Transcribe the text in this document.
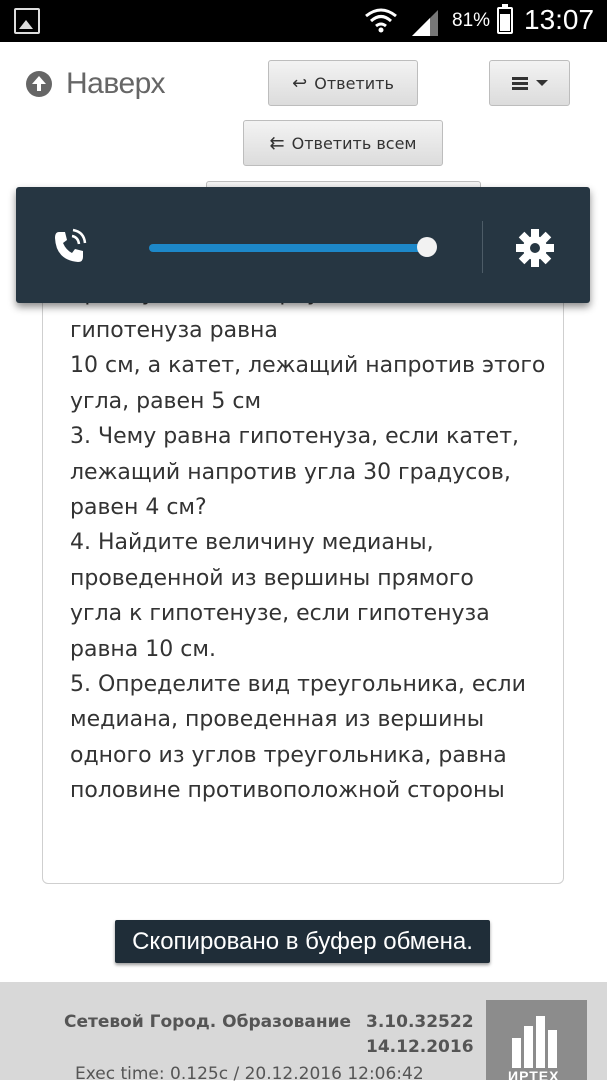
81% 13:07
Наверх	↩ Ответить
⇇ Ответить всем
гипотенуза равна
10 см, а катет, лежащий напротив этого
угла, равен 5 см
3. Чему равна гипотенуза, если катет,
лежащий напротив угла 30 градусов,
равен 4 см?
4. Найдите величину медианы,
проведенной из вершины прямого
угла к гипотенузе, если гипотенуза
равна 10 см.
5. Определите вид треугольника, если
медиана, проведенная из вершины
одного из углов треугольника, равна
половине противоположной стороны
Скопировано в буфер обмена.
Сетевой Город. Образование 3.10.32522
14.12.2016
Exec time: 0.125c / 20.12.2016 12:06:42	ИРТЕХ
